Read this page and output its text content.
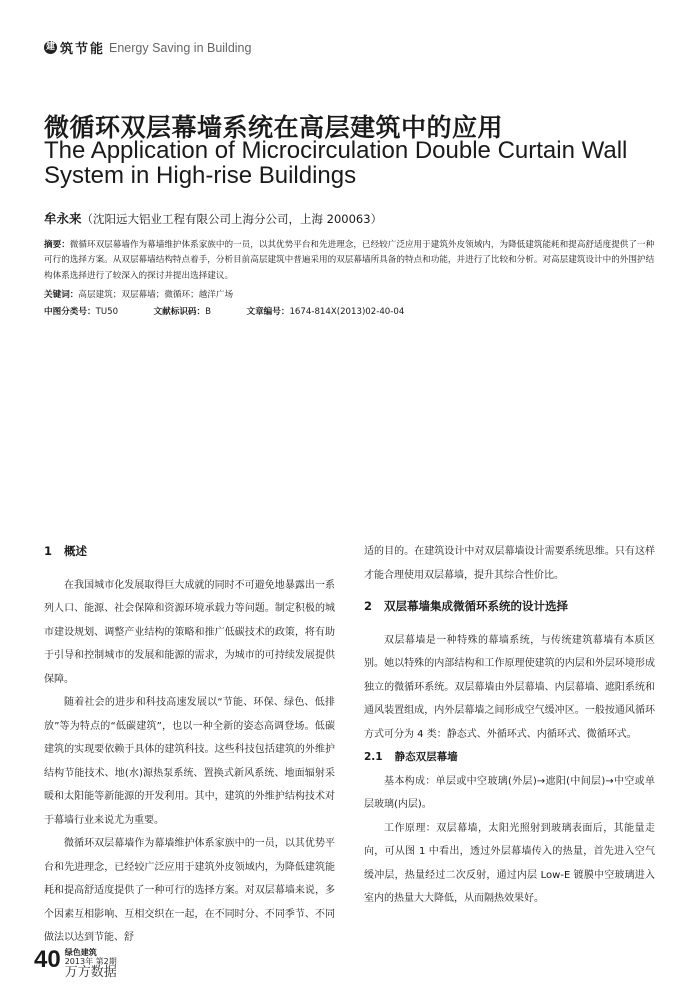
建 筑节能 Energy Saving in Building
微循环双层幕墙系统在高层建筑中的应用
The Application of Microcirculation Double Curtain Wall
System in High-rise Buildings
牟永来（沈阳远大铝业工程有限公司上海分公司，上海 200063）
摘要：微循环双层幕墙作为幕墙维护体系家族中的一员，以其优势平台和先进理念，已经较广泛应用于建筑外皮领域内，为降低建筑能耗和提高舒适度提供了一种可行的选择方案。从双层幕墙结构特点着手，分析目前高层建筑中普遍采用的双层幕墙所具备的特点和功能，并进行了比较和分析。对高层建筑设计中的外围护结构体系选择进行了较深入的探讨并提出选择建议。
关键词：高层建筑；双层幕墙；微循环；越洋广场
中图分类号：TU50	文献标识码：B	文章编号：1674-814X(2013)02-40-04
1 概述

在我国城市化发展取得巨大成就的同时不可避免地暴露出一系列人口、能源、社会保障和资源环境承载力等问题。制定积极的城市建设规划、调整产业结构的策略和推广低碳技术的政策，将有助于引导和控制城市的发展和能源的需求，为城市的可持续发展提供保障。

随着社会的进步和科技高速发展以“节能、环保、绿色、低排放”等为特点的“低碳建筑”，也以一种全新的姿态高调登场。低碳建筑的实现要依赖于具体的建筑科技。这些科技包括建筑的外维护结构节能技术、地(水)源热泵系统、置换式新风系统、地面辐射采暖和太阳能等新能源的开发利用。其中，建筑的外维护结构技术对于幕墙行业来说尤为重要。

微循环双层幕墙作为幕墙维护体系家族中的一员，以其优势平台和先进理念，已经较广泛应用于建筑外皮领域内，为降低建筑能耗和提高舒适度提供了一种可行的选择方案。对双层幕墙来说，多个因素互相影响、互相交织在一起，在不同时分、不同季节、不同做法以达到节能、舒

适的目的。在建筑设计中对双层幕墙设计需要系统思维。只有这样才能合理使用双层幕墙，提升其综合性价比。

2 双层幕墙集成微循环系统的设计选择

双层幕墙是一种特殊的幕墙系统，与传统建筑幕墙有本质区别。她以特殊的内部结构和工作原理使建筑的内层和外层环境形成独立的微循环系统。双层幕墙由外层幕墙、内层幕墙、遮阳系统和通风装置组成，内外层幕墙之间形成空气缓冲区。一般按通风循环方式可分为 4 类：静态式、外循环式、内循环式、微循环式。

2.1 静态双层幕墙

基本构成：单层或中空玻璃(外层)→遮阳(中间层)→中空或单层玻璃(内层)。

工作原理：双层幕墙，太阳光照射到玻璃表面后，其能量走向，可从图 1 中看出，透过外层幕墙传入的热量，首先进入空气缓冲层，热量经过二次反射，通过内层 Low-E 镀膜中空玻璃进入室内的热量大大降低，从而隔热效果好。

40 绿色建筑
2013年 第2期
万方数据
